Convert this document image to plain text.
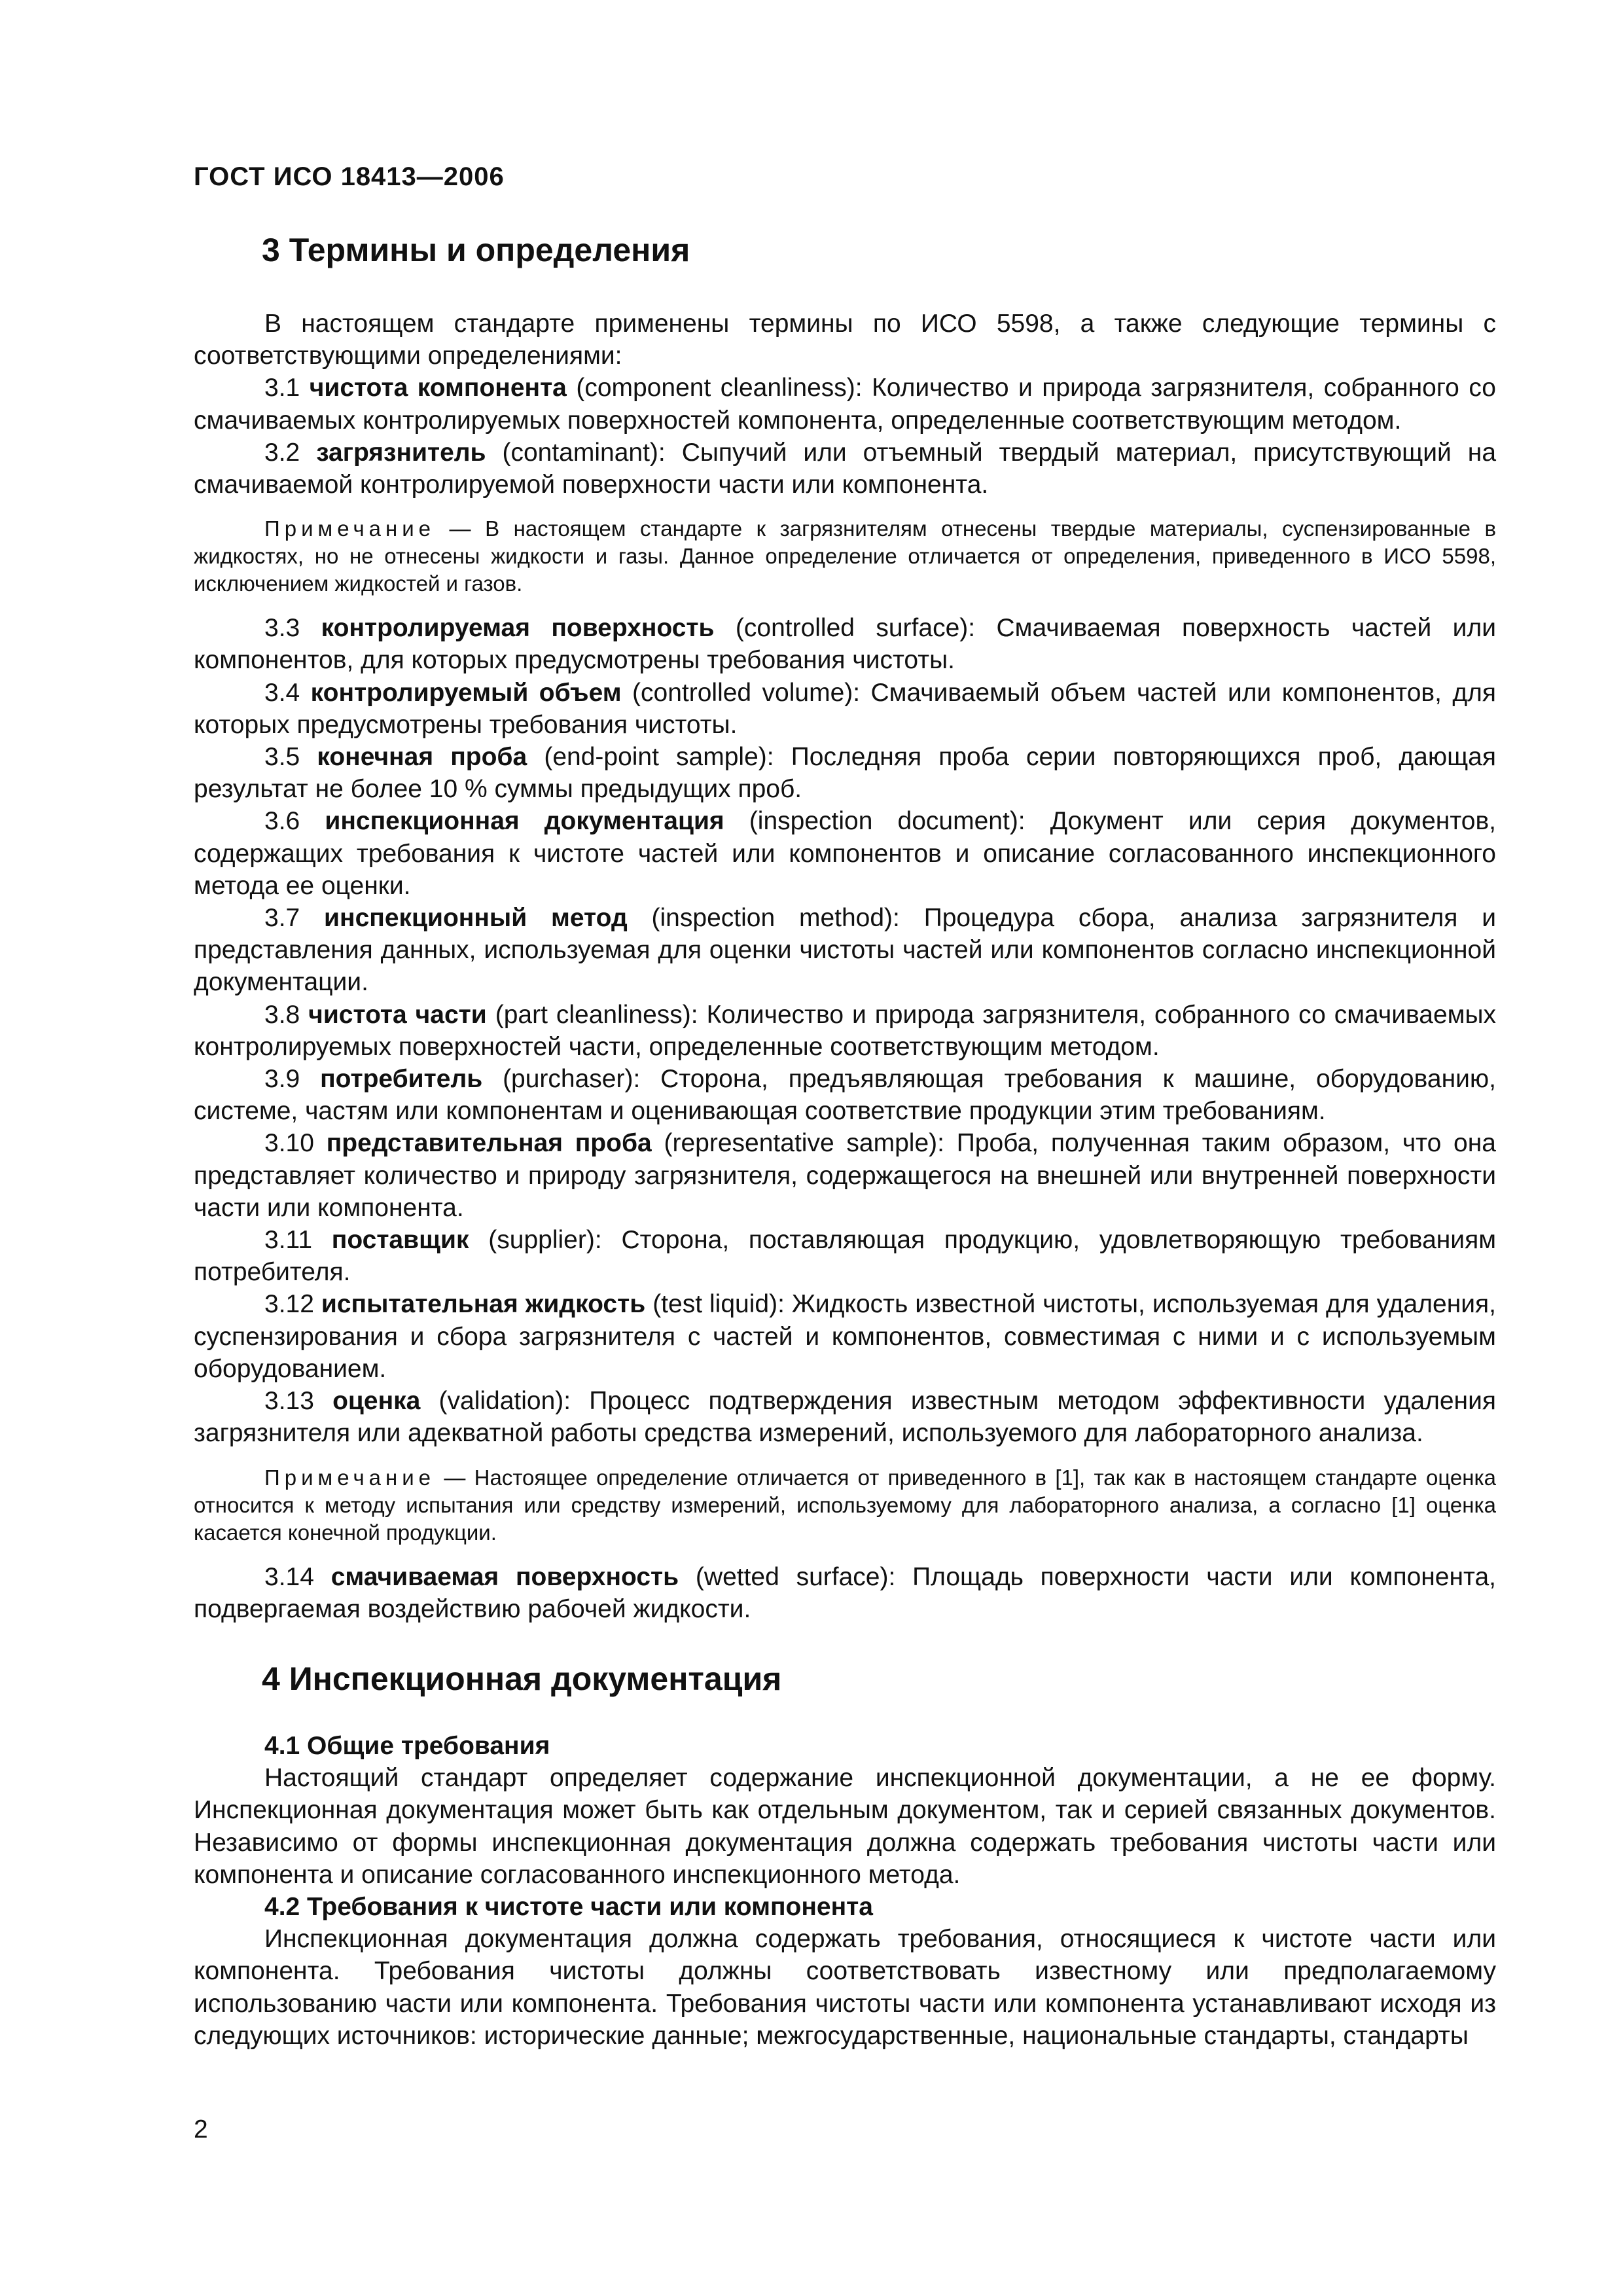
ГОСТ ИСО 18413—2006

3 Термины и определения

В настоящем стандарте применены термины по ИСО 5598, а также следующие термины с соответствующими определениями:

3.1 чистота компонента (component cleanliness): Количество и природа загрязнителя, собранного со смачиваемых контролируемых поверхностей компонента, определенные соответствующим методом.

3.2 загрязнитель (contaminant): Сыпучий или отъемный твердый материал, присутствующий на смачиваемой контролируемой поверхности части или компонента.

Примечание — В настоящем стандарте к загрязнителям отнесены твердые материалы, суспензированные в жидкостях, но не отнесены жидкости и газы. Данное определение отличается от определения, приведенного в ИСО 5598, исключением жидкостей и газов.

3.3 контролируемая поверхность (controlled surface): Смачиваемая поверхность частей или компонентов, для которых предусмотрены требования чистоты.

3.4 контролируемый объем (controlled volume): Смачиваемый объем частей или компонентов, для которых предусмотрены требования чистоты.

3.5 конечная проба (end-point sample): Последняя проба серии повторяющихся проб, дающая результат не более 10 % суммы предыдущих проб.

3.6 инспекционная документация (inspection document): Документ или серия документов, содержащих требования к чистоте частей или компонентов и описание согласованного инспекционного метода ее оценки.

3.7 инспекционный метод (inspection method): Процедура сбора, анализа загрязнителя и представления данных, используемая для оценки чистоты частей или компонентов согласно инспекционной документации.

3.8 чистота части (part cleanliness): Количество и природа загрязнителя, собранного со смачиваемых контролируемых поверхностей части, определенные соответствующим методом.

3.9 потребитель (purchaser): Сторона, предъявляющая требования к машине, оборудованию, системе, частям или компонентам и оценивающая соответствие продукции этим требованиям.

3.10 представительная проба (representative sample): Проба, полученная таким образом, что она представляет количество и природу загрязнителя, содержащегося на внешней или внутренней поверхности части или компонента.

3.11 поставщик (supplier): Сторона, поставляющая продукцию, удовлетворяющую требованиям потребителя.

3.12 испытательная жидкость (test liquid): Жидкость известной чистоты, используемая для удаления, суспензирования и сбора загрязнителя с частей и компонентов, совместимая с ними и с используемым оборудованием.

3.13 оценка (validation): Процесс подтверждения известным методом эффективности удаления загрязнителя или адекватной работы средства измерений, используемого для лабораторного анализа.

Примечание — Настоящее определение отличается от приведенного в [1], так как в настоящем стандарте оценка относится к методу испытания или средству измерений, используемому для лабораторного анализа, а согласно [1] оценка касается конечной продукции.

3.14 смачиваемая поверхность (wetted surface): Площадь поверхности части или компонента, подвергаемая воздействию рабочей жидкости.

4 Инспекционная документация

4.1 Общие требования

Настоящий стандарт определяет содержание инспекционной документации, а не ее форму. Инспекционная документация может быть как отдельным документом, так и серией связанных документов. Независимо от формы инспекционная документация должна содержать требования чистоты части или компонента и описание согласованного инспекционного метода.

4.2 Требования к чистоте части или компонента

Инспекционная документация должна содержать требования, относящиеся к чистоте части или компонента. Требования чистоты должны соответствовать известному или предполагаемому использованию части или компонента. Требования чистоты части или компонента устанавливают исходя из следующих источников: исторические данные; межгосударственные, национальные стандарты, стандарты

2
